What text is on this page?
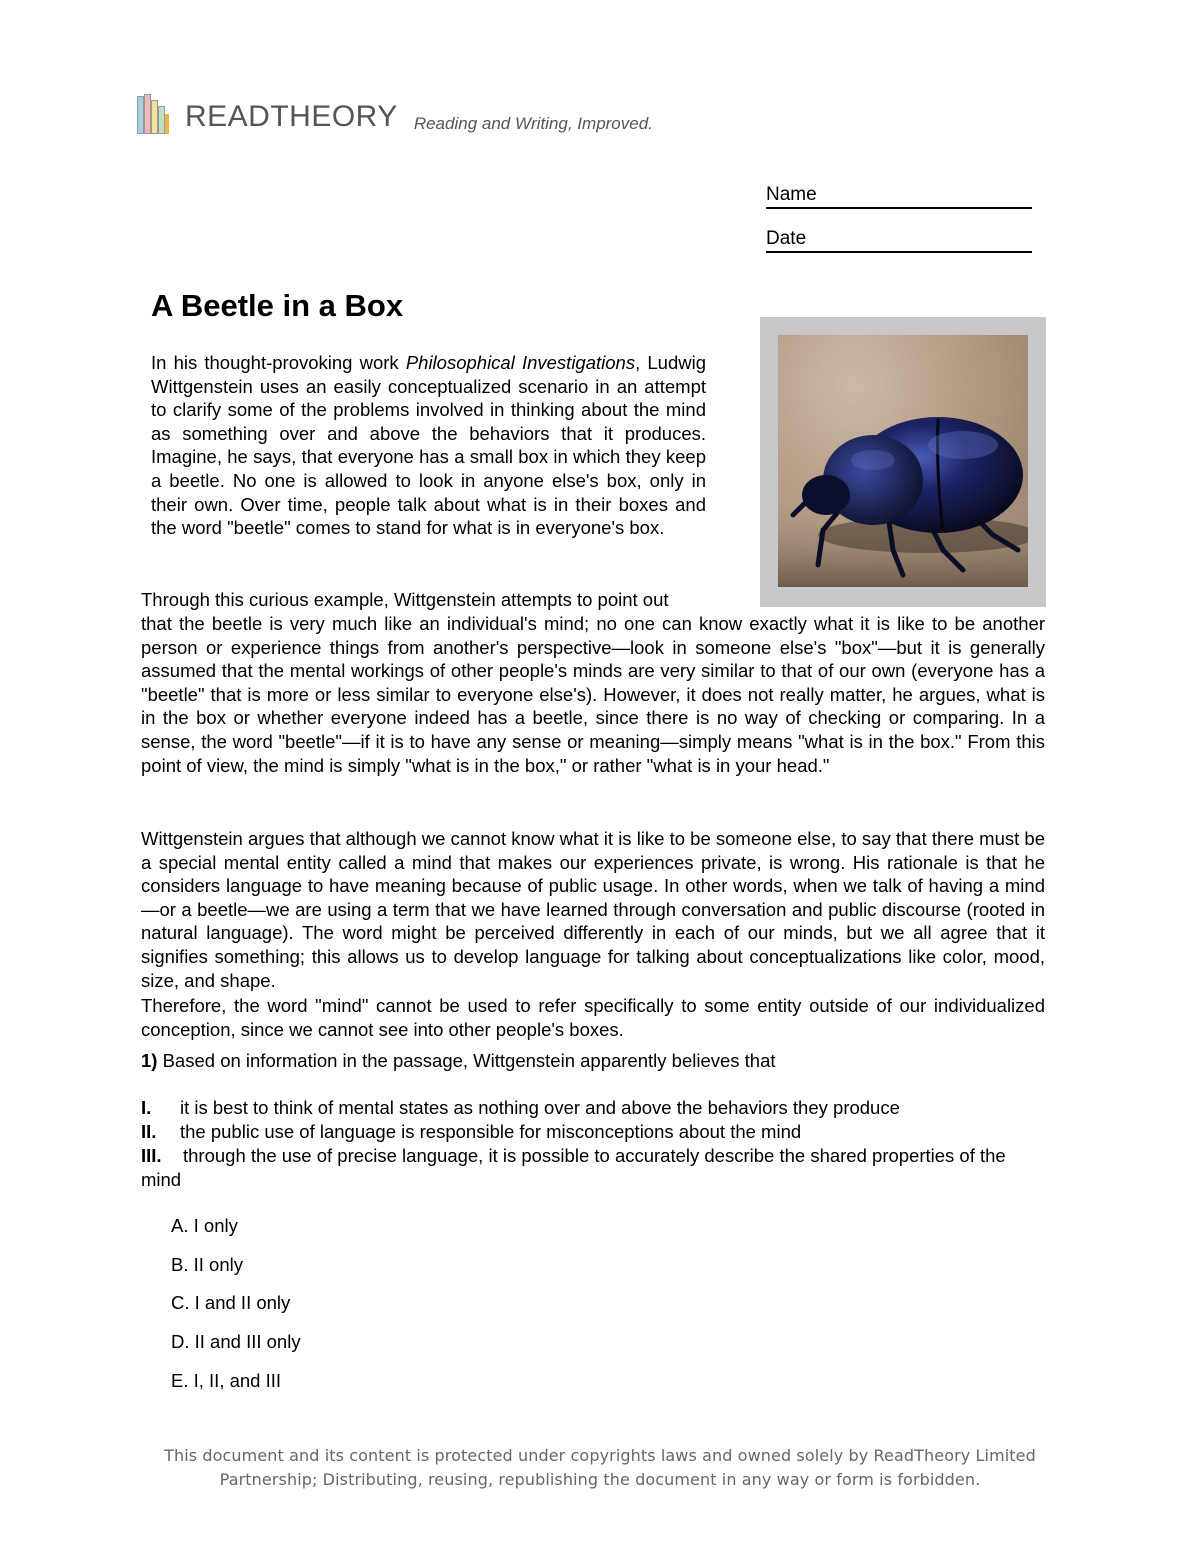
READTHEORY Reading and Writing, Improved.
Name
Date
A Beetle in a Box

In his thought-provoking work Philosophical Investigations, Ludwig Wittgenstein uses an easily conceptualized scenario in an attempt to clarify some of the problems involved in thinking about the mind as something over and above the behaviors that it produces. Imagine, he says, that everyone has a small box in which they keep a beetle. No one is allowed to look in anyone else's box, only in their own. Over time, people talk about what is in their boxes and the word "beetle" comes to stand for what is in everyone's box.

Through this curious example, Wittgenstein attempts to point out

that the beetle is very much like an individual's mind; no one can know exactly what it is like to be another person or experience things from another's perspective—look in someone else's "box"—but it is generally assumed that the mental workings of other people's minds are very similar to that of our own (everyone has a "beetle" that is more or less similar to everyone else's). However, it does not really matter, he argues, what is in the box or whether everyone indeed has a beetle, since there is no way of checking or comparing. In a sense, the word "beetle"—if it is to have any sense or meaning—simply means "what is in the box." From this point of view, the mind is simply "what is in the box," or rather "what is in your head."

Wittgenstein argues that although we cannot know what it is like to be someone else, to say that there must be a special mental entity called a mind that makes our experiences private, is wrong. His rationale is that he considers language to have meaning because of public usage. In other words, when we talk of having a mind—or a beetle—we are using a term that we have learned through conversation and public discourse (rooted in natural language). The word might be perceived differently in each of our minds, but we all agree that it signifies something; this allows us to develop language for talking about conceptualizations like color, mood, size, and shape.

Therefore, the word "mind" cannot be used to refer specifically to some entity outside of our individualized conception, since we cannot see into other people's boxes.

1) Based on information in the passage, Wittgenstein apparently believes that
I. it is best to think of mental states as nothing over and above the behaviors they produce
II. the public use of language is responsible for misconceptions about the mind
III. through the use of precise language, it is possible to accurately describe the shared properties of the mind
A. I only
B. II only
C. I and II only
D. II and III only
E. I, II, and III
This document and its content is protected under copyrights laws and owned solely by ReadTheory Limited
Partnership; Distributing, reusing, republishing the document in any way or form is forbidden.
